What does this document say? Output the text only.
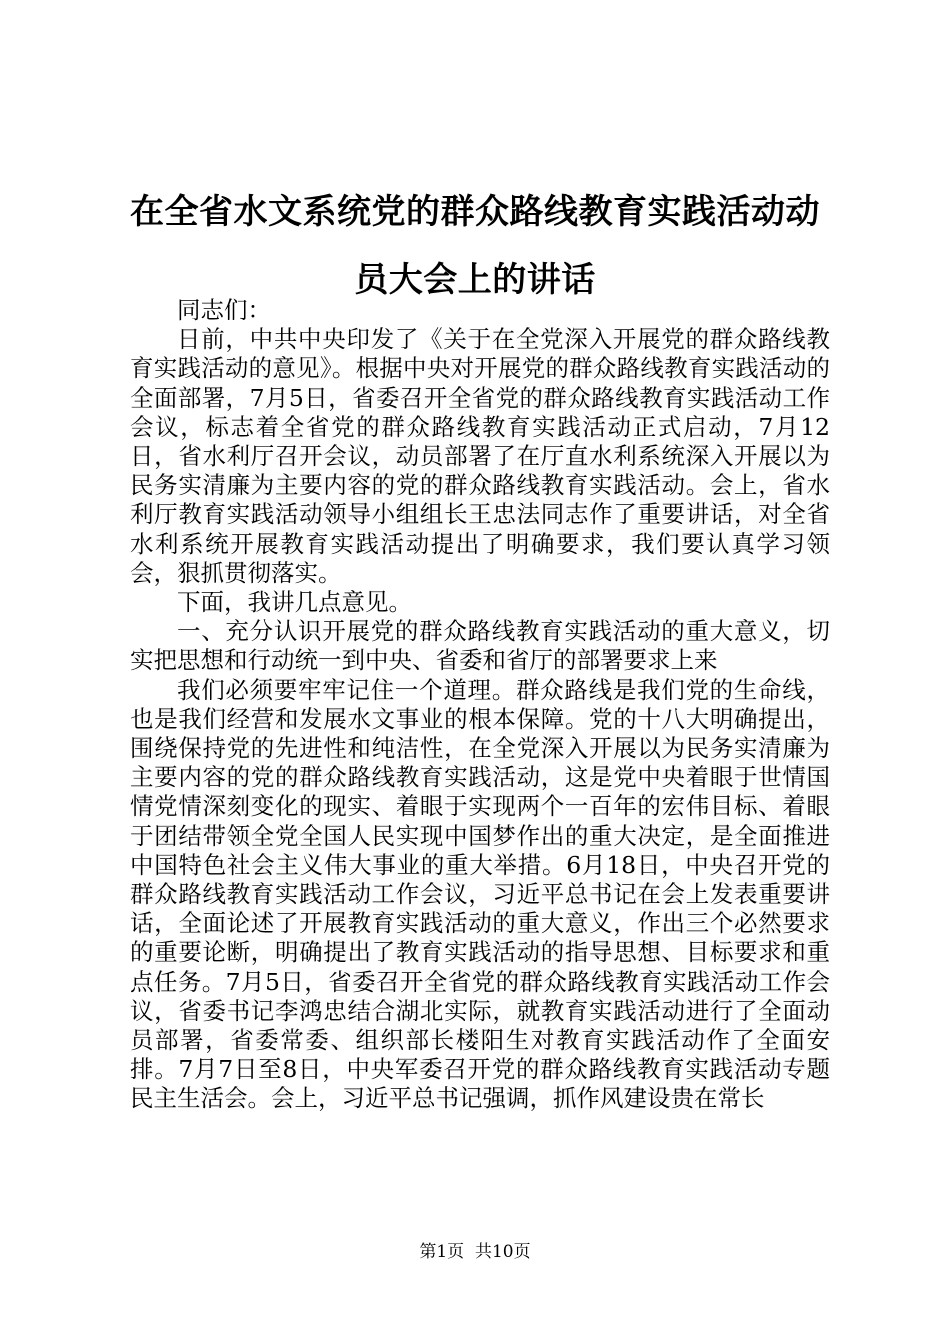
在全省水文系统党的群众路线教育实践活动动
员大会上的讲话

同志们：

日前，中共中央印发了《关于在全党深入开展党的群众路线教育实践活动的意见》。根据中央对开展党的群众路线教育实践活动的全面部署，7月5日，省委召开全省党的群众路线教育实践活动工作会议，标志着全省党的群众路线教育实践活动正式启动，7月12日，省水利厅召开会议，动员部署了在厅直水利系统深入开展以为民务实清廉为主要内容的党的群众路线教育实践活动。会上，省水利厅教育实践活动领导小组组长王忠法同志作了重要讲话，对全省水利系统开展教育实践活动提出了明确要求，我们要认真学习领会，狠抓贯彻落实。

下面，我讲几点意见。

一、充分认识开展党的群众路线教育实践活动的重大意义，切实把思想和行动统一到中央、省委和省厅的部署要求上来

我们必须要牢牢记住一个道理。群众路线是我们党的生命线，也是我们经营和发展水文事业的根本保障。党的十八大明确提出，围绕保持党的先进性和纯洁性，在全党深入开展以为民务实清廉为主要内容的党的群众路线教育实践活动，这是党中央着眼于世情国情党情深刻变化的现实、着眼于实现两个一百年的宏伟目标、着眼于团结带领全党全国人民实现中国梦作出的重大决定，是全面推进中国特色社会主义伟大事业的重大举措。6月18日，中央召开党的群众路线教育实践活动工作会议，习近平总书记在会上发表重要讲话，全面论述了开展教育实践活动的重大意义，作出三个必然要求的重要论断，明确提出了教育实践活动的指导思想、目标要求和重点任务。7月5日，省委召开全省党的群众路线教育实践活动工作会议，省委书记李鸿忠结合湖北实际，就教育实践活动进行了全面动员部署，省委常委、组织部长楼阳生对教育实践活动作了全面安排。7月7日至8日，中央军委召开党的群众路线教育实践活动专题民主生活会。会上，习近平总书记强调，抓作风建设贵在常长

第1页  共10页
